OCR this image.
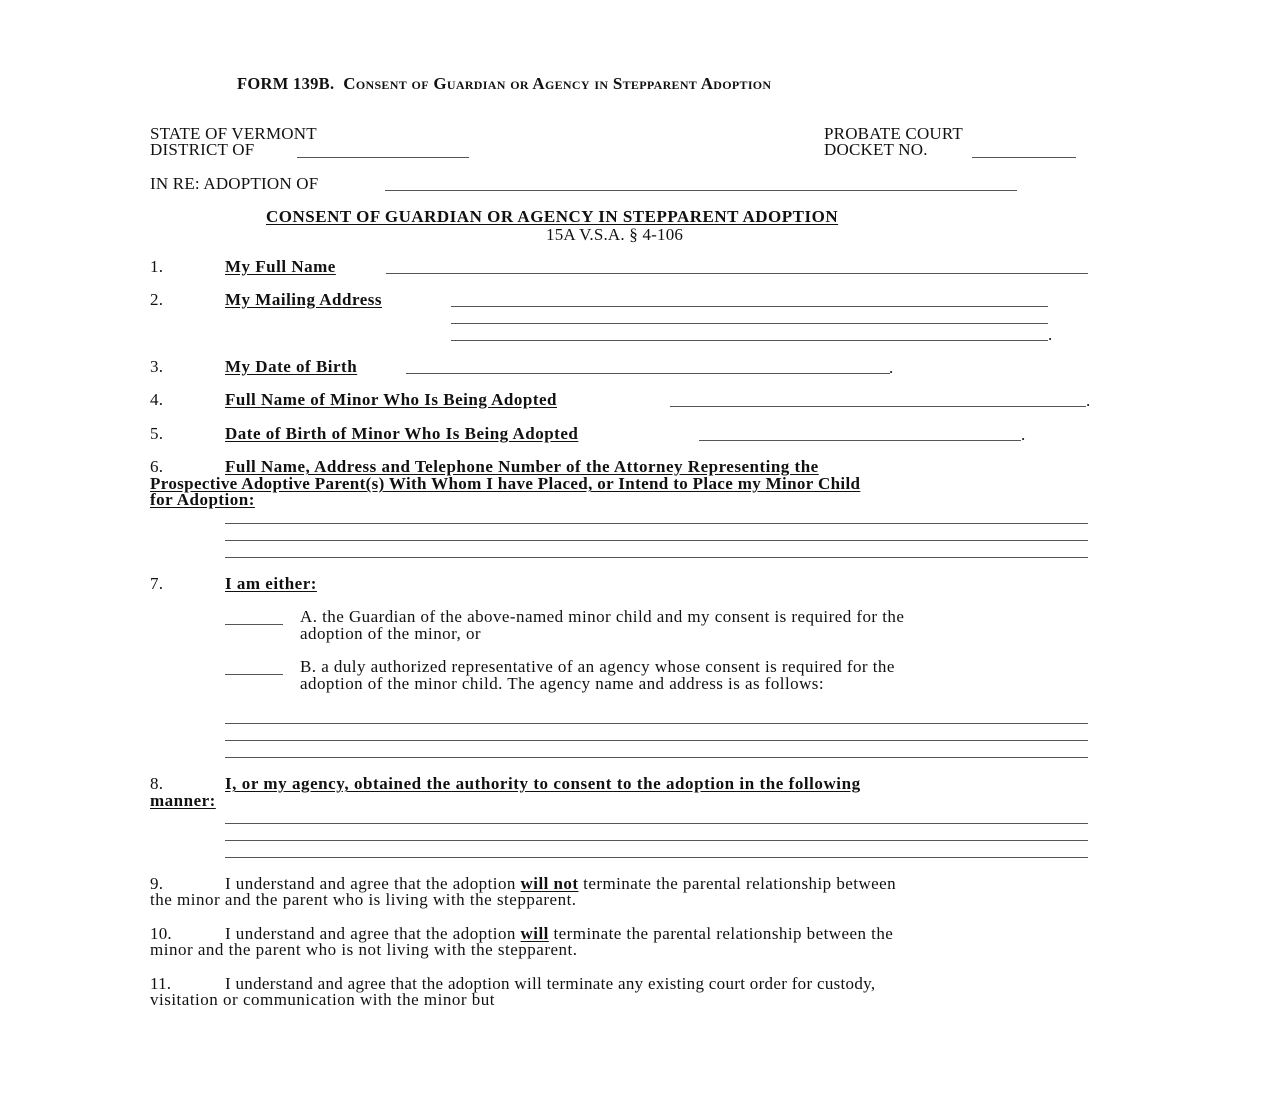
FORM 139B. Consent of Guardian or Agency in Stepparent Adoption
STATE OF VERMONT
DISTRICT OF
PROBATE COURT
DOCKET NO.
IN RE: ADOPTION OF
CONSENT OF GUARDIAN OR AGENCY IN STEPPARENT ADOPTION
15A V.S.A. § 4-106
1.	My Full Name
2.	My Mailing Address
.
3.	My Date of Birth	.
4.	Full Name of Minor Who Is Being Adopted	.
5.	Date of Birth of Minor Who Is Being Adopted	.
6.	Full Name, Address and Telephone Number of the Attorney Representing the
Prospective Adoptive Parent(s) With Whom I have Placed, or Intend to Place my Minor Child
for Adoption:
7.	I am either:
A. the Guardian of the above-named minor child and my consent is required for the
adoption of the minor, or
B. a duly authorized representative of an agency whose consent is required for the
adoption of the minor child. The agency name and address is as follows:
8.	I, or my agency, obtained the authority to consent to the adoption in the following
manner:
9.	I understand and agree that the adoption will not terminate the parental relationship between
the minor and the parent who is living with the stepparent.
10.	I understand and agree that the adoption will terminate the parental relationship between the
minor and the parent who is not living with the stepparent.
11.	I understand and agree that the adoption will terminate any existing court order for custody,
visitation or communication with the minor but
